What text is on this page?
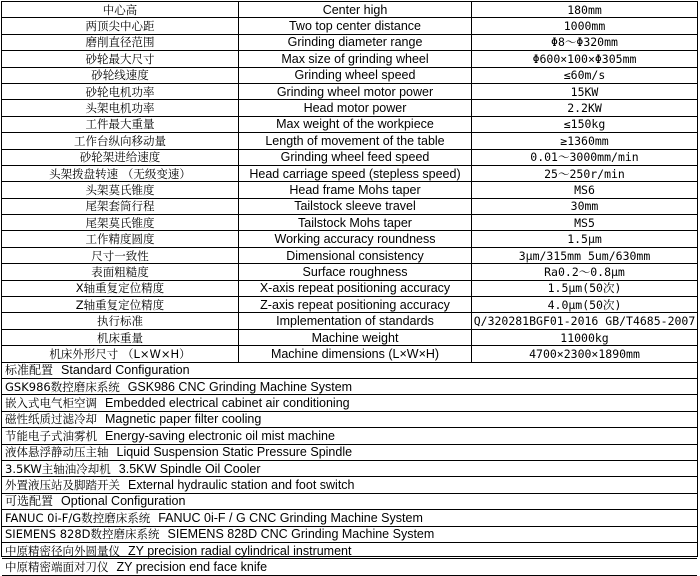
中心高	Center high	180mm
两顶尖中心距	Two top center distance	1000mm
磨削直径范围	Grinding diameter range	Φ8～Φ320mm
砂轮最大尺寸	Max size of grinding wheel	Φ600×100×Φ305mm
砂轮线速度	Grinding wheel speed	≤60m/s
砂轮电机功率	Grinding wheel motor power	15KW
头架电机功率	Head motor power	2.2KW
工件最大重量	Max weight of the workpiece	≤150kg
工作台纵向移动量	Length of movement of the table	≥1360mm
砂轮架进给速度	Grinding wheel feed speed	0.01～3000mm/min
头架拨盘转速 （无级变速）	Head carriage speed (stepless speed)	25～250r/min
头架莫氏锥度	Head frame Mohs taper	MS6
尾架套筒行程	Tailstock sleeve travel	30mm
尾架莫氏锥度	Tailstock Mohs taper	MS5
工作精度圆度	Working accuracy roundness	1.5μm
尺寸一致性	Dimensional consistency	3μm/315mm 5um/630mm
表面粗糙度	Surface roughness	Ra0.2～0.8μm
X轴重复定位精度	X-axis repeat positioning accuracy	1.5μm(50次)
Z轴重复定位精度	Z-axis repeat positioning accuracy	4.0μm(50次)
执行标准	Implementation of standards	Q/320281BGF01-2016 GB/T4685-2007
机床重量	Machine weight	11000kg
机床外形尺寸 （L×W×H）	Machine dimensions (L×W×H)	4700×2300×1890mm
标准配置 Standard Configuration		
GSK986数控磨床系统 GSK986 CNC Grinding Machine System		
嵌入式电气柜空调 Embedded electrical cabinet air conditioning		
磁性纸质过滤冷却 Magnetic paper filter cooling		
节能电子式油雾机 Energy-saving electronic oil mist machine		
液体悬浮静动压主轴 Liquid Suspension Static Pressure Spindle		
3.5KW主轴油冷却机 3.5KW Spindle Oil Cooler		
外置液压站及脚踏开关 External hydraulic station and foot switch		
可选配置 Optional Configuration		
FANUC 0i-F/G数控磨床系统 FANUC 0i-F / G CNC Grinding Machine System		
SIEMENS 828D数控磨床系统 SIEMENS 828D CNC Grinding Machine System		
中原精密径向外圆量仪 ZY precision radial cylindrical instrument		
中原精密端面对刀仪 ZY precision end face knife		
